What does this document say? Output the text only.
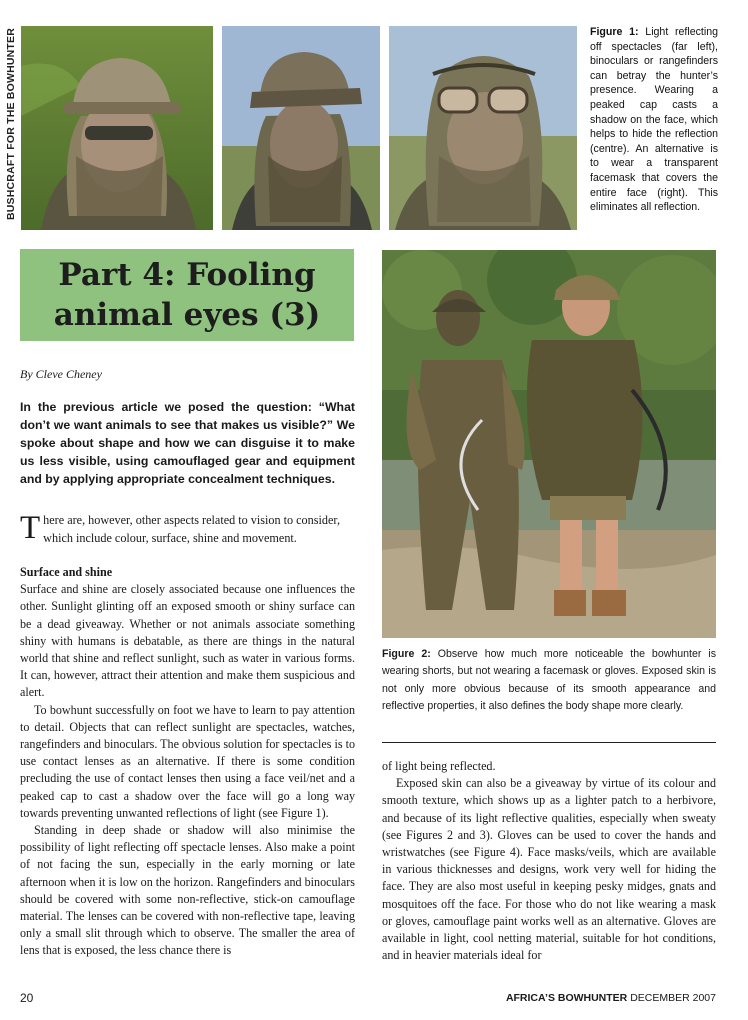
BUSHCRAFT FOR THE BOWHUNTER	Figure 1: Light reflecting off spectacles (far left), binoculars or rangefinders can betray the hunter’s presence. Wearing a peaked cap casts a shadow on the face, which helps to hide the reflection (centre). An alternative is to wear a transparent facemask that covers the entire face (right). This eliminates all reflection.
Part 4: Fooling
animal eyes (3)
By Cleve Cheney
In the previous article we posed the question: “What don’t we want animals to see that makes us visible?” We spoke about shape and how we can disguise it to make us less visible, using camouflaged gear and equipment and by applying appropriate concealment techniques.
There are, however, other aspects related to vision to consider, which include colour, surface, shine and movement.

Surface and shine

Surface and shine are closely associated because one influences the other. Sunlight glinting off an exposed smooth or shiny surface can be a dead giveaway. Whether or not animals associate something shiny with humans is debatable, as there are things in the natural world that shine and reflect sunlight, such as water in various forms. It can, however, attract their attention and make them suspicious and alert.

To bowhunt successfully on foot we have to learn to pay attention to detail. Objects that can reflect sunlight are spectacles, watches, rangefinders and binoculars. The obvious solution for spectacles is to use contact lenses as an alternative. If there is some condition precluding the use of contact lenses then using a face veil/net and a peaked cap to cast a shadow over the face will go a long way towards preventing unwanted reflections of light (see Figure 1).

Standing in deep shade or shadow will also minimise the possibility of light reflecting off spectacle lenses. Also make a point of not facing the sun, especially in the early morning or late afternoon when it is low on the horizon. Rangefinders and binoculars should be covered with some non-reflective, stick-on camouflage material. The lenses can be covered with non-reflective tape, leaving only a small slit through which to observe. The smaller the area of lens that is exposed, the less chance there is

Figure 2: Observe how much more noticeable the bowhunter is wearing shorts, but not wearing a facemask or gloves. Exposed skin is not only more obvious because of its smooth appearance and reflective properties, it also defines the body shape more clearly.

of light being reflected.

Exposed skin can also be a giveaway by virtue of its colour and smooth texture, which shows up as a lighter patch to a herbivore, and because of its light reflective qualities, especially when sweaty (see Figures 2 and 3). Gloves can be used to cover the hands and wristwatches (see Figure 4). Face masks/veils, which are available in various thicknesses and designs, work very well for hiding the face. They are also most useful in keeping pesky midges, gnats and mosquitoes off the face. For those who do not like wearing a mask or gloves, camouflage paint works well as an alternative. Gloves are available in light, cool netting material, suitable for hot conditions, and in heavier materials ideal for

20	AFRICA’S BOWHUNTER DECEMBER 2007
